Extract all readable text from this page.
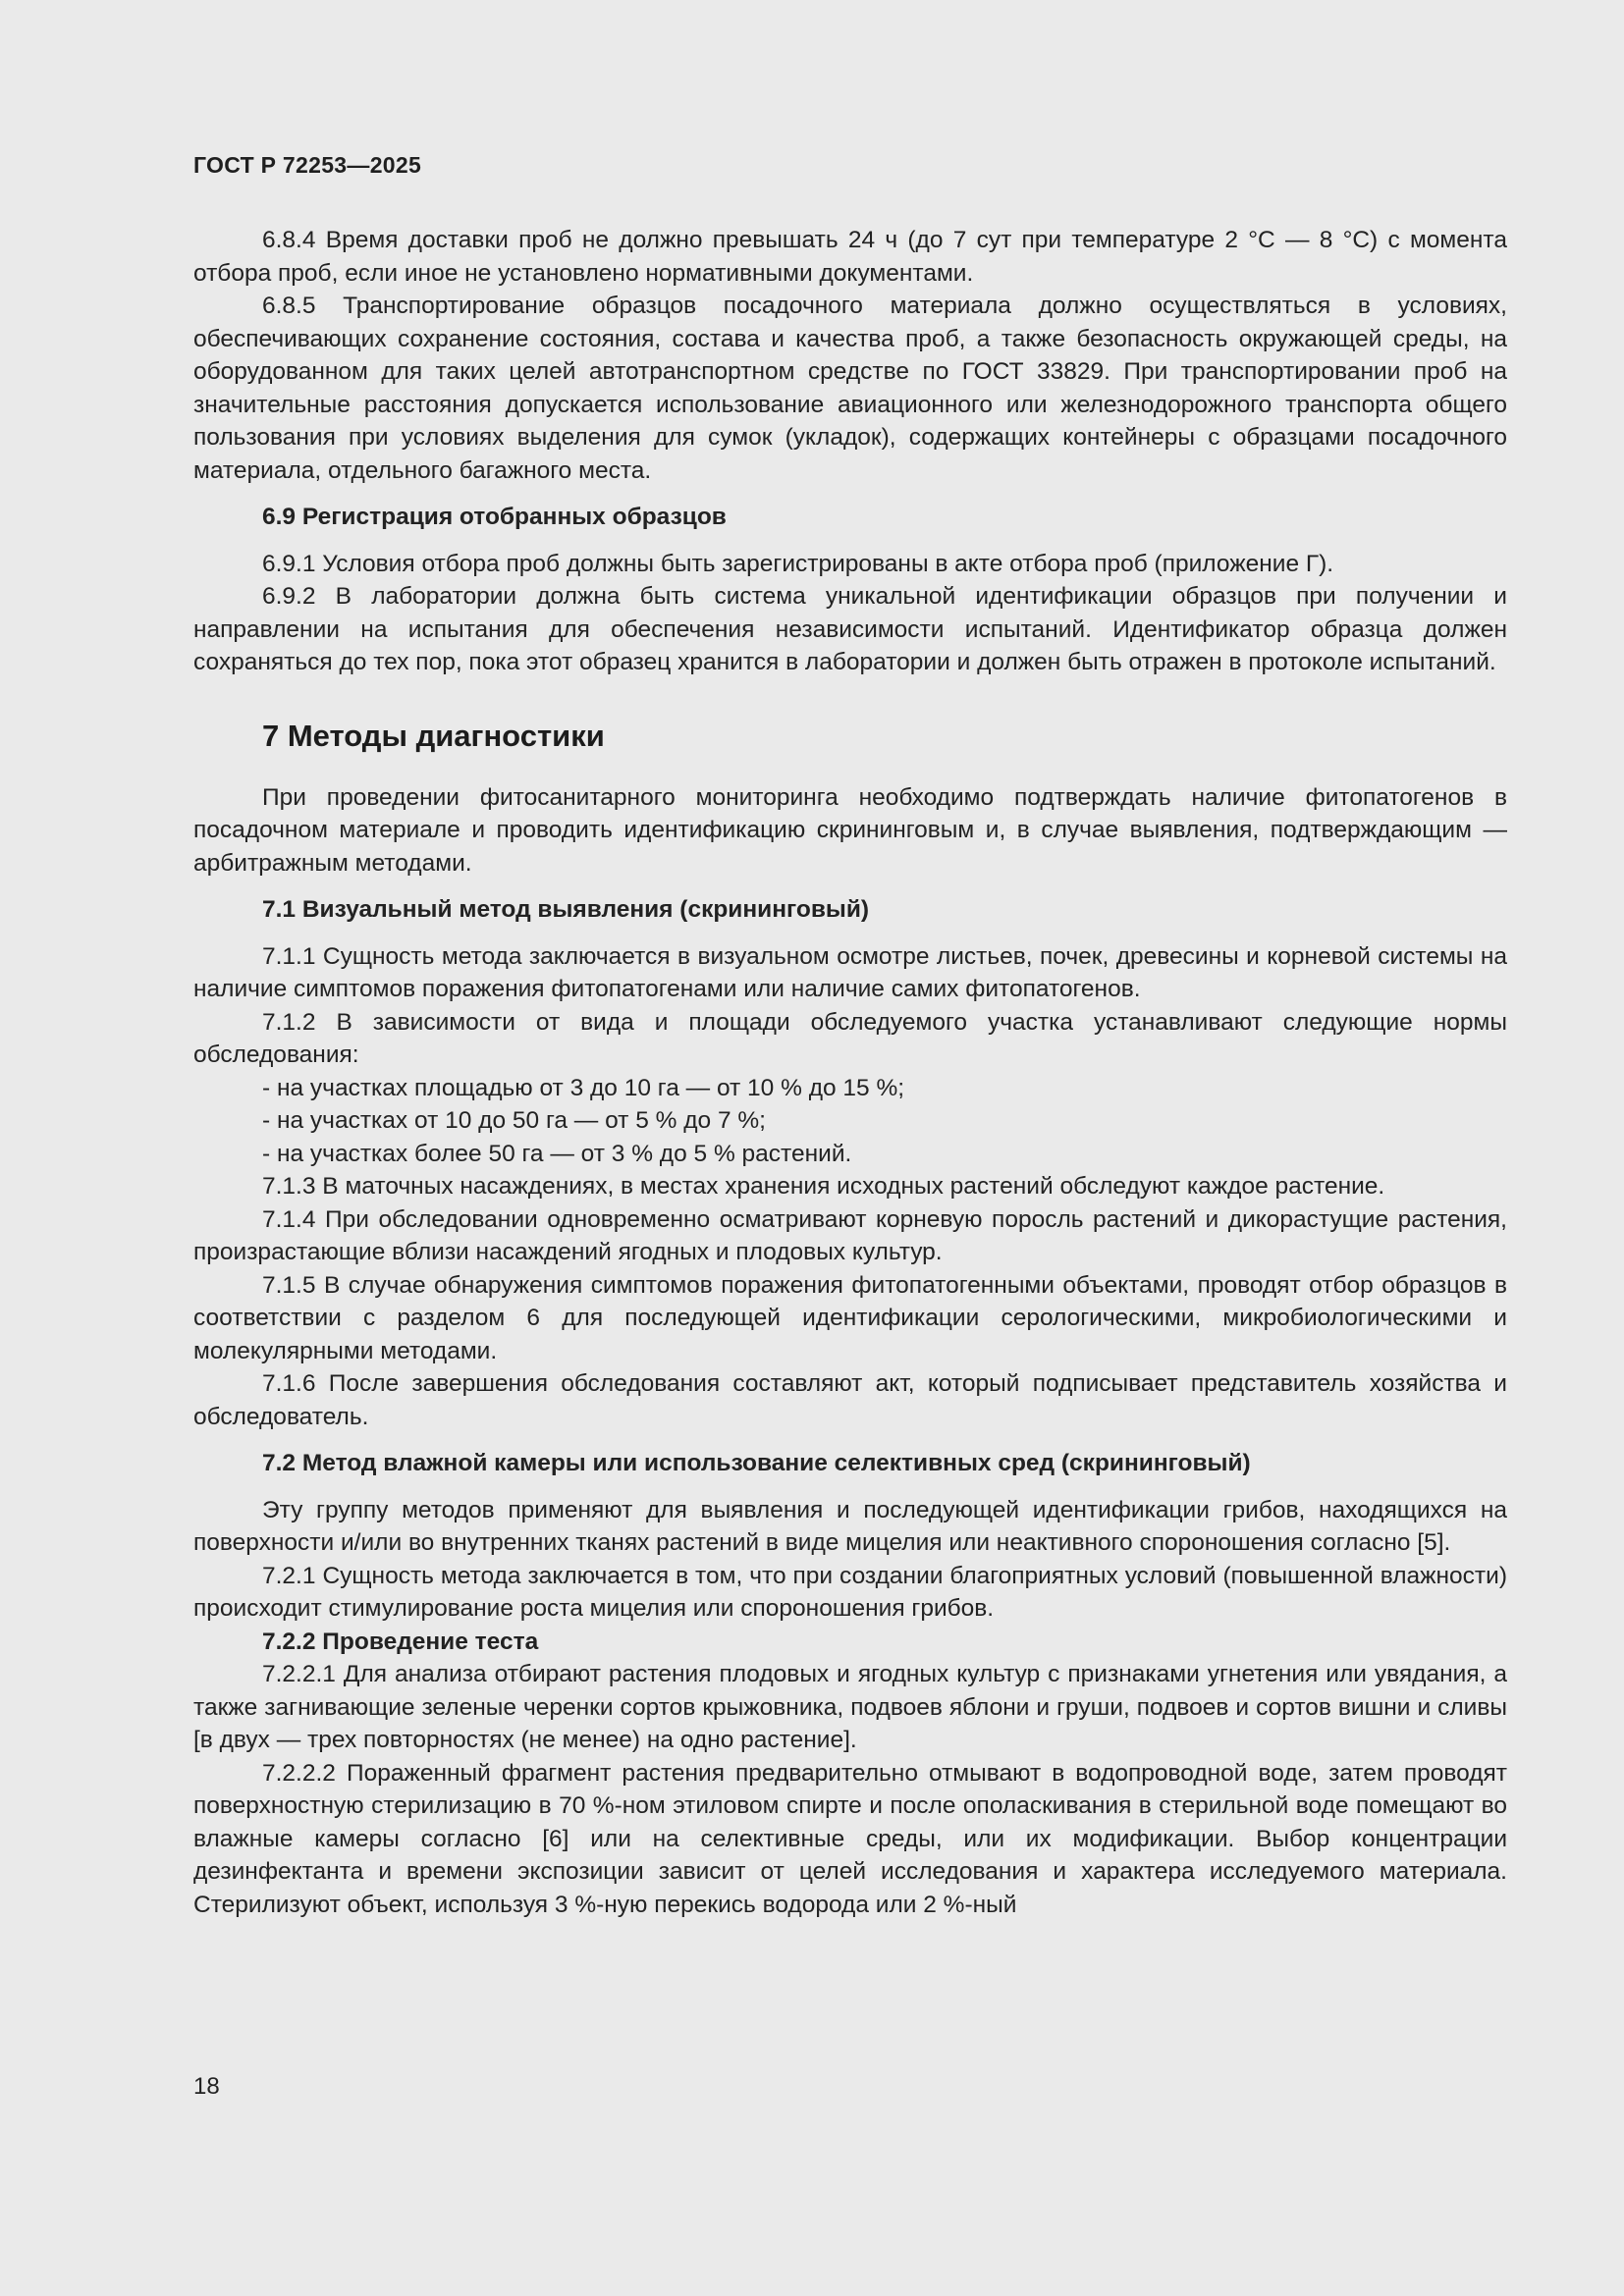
ГОСТ Р 72253—2025

6.8.4 Время доставки проб не должно превышать 24 ч (до 7 сут при температуре 2 °С — 8 °С) с момента отбора проб, если иное не установлено нормативными документами.

6.8.5 Транспортирование образцов посадочного материала должно осуществляться в условиях, обеспечивающих сохранение состояния, состава и качества проб, а также безопасность окружающей среды, на оборудованном для таких целей автотранспортном средстве по ГОСТ 33829. При транспортировании проб на значительные расстояния допускается использование авиационного или железнодорожного транспорта общего пользования при условиях выделения для сумок (укладок), содержащих контейнеры с образцами посадочного материала, отдельного багажного места.

6.9 Регистрация отобранных образцов

6.9.1 Условия отбора проб должны быть зарегистрированы в акте отбора проб (приложение Г).

6.9.2 В лаборатории должна быть система уникальной идентификации образцов при получении и направлении на испытания для обеспечения независимости испытаний. Идентификатор образца должен сохраняться до тех пор, пока этот образец хранится в лаборатории и должен быть отражен в протоколе испытаний.

7 Методы диагностики

При проведении фитосанитарного мониторинга необходимо подтверждать наличие фитопатогенов в посадочном материале и проводить идентификацию скрининговым и, в случае выявления, подтверждающим — арбитражным методами.

7.1 Визуальный метод выявления (скрининговый)

7.1.1 Сущность метода заключается в визуальном осмотре листьев, почек, древесины и корневой системы на наличие симптомов поражения фитопатогенами или наличие самих фитопатогенов.

7.1.2 В зависимости от вида и площади обследуемого участка устанавливают следующие нормы обследования:

- на участках площадью от 3 до 10 га — от 10 % до 15 %;
- на участках от 10 до 50 га — от 5 % до 7 %;
- на участках более 50 га — от 3 % до 5 % растений.

7.1.3 В маточных насаждениях, в местах хранения исходных растений обследуют каждое растение.

7.1.4 При обследовании одновременно осматривают корневую поросль растений и дикорастущие растения, произрастающие вблизи насаждений ягодных и плодовых культур.

7.1.5 В случае обнаружения симптомов поражения фитопатогенными объектами, проводят отбор образцов в соответствии с разделом 6 для последующей идентификации серологическими, микробиологическими и молекулярными методами.

7.1.6 После завершения обследования составляют акт, который подписывает представитель хозяйства и обследователь.

7.2 Метод влажной камеры или использование селективных сред (скрининговый)

Эту группу методов применяют для выявления и последующей идентификации грибов, находящихся на поверхности и/или во внутренних тканях растений в виде мицелия или неактивного спороношения согласно [5].

7.2.1 Сущность метода заключается в том, что при создании благоприятных условий (повышенной влажности) происходит стимулирование роста мицелия или спороношения грибов.

7.2.2 Проведение теста

7.2.2.1 Для анализа отбирают растения плодовых и ягодных культур с признаками угнетения или увядания, а также загнивающие зеленые черенки сортов крыжовника, подвоев яблони и груши, подвоев и сортов вишни и сливы [в двух — трех повторностях (не менее) на одно растение].

7.2.2.2 Пораженный фрагмент растения предварительно отмывают в водопроводной воде, затем проводят поверхностную стерилизацию в 70 %-ном этиловом спирте и после ополаскивания в стерильной воде помещают во влажные камеры согласно [6] или на селективные среды, или их модификации. Выбор концентрации дезинфектанта и времени экспозиции зависит от целей исследования и характера исследуемого материала. Стерилизуют объект, используя 3 %-ную перекись водорода или 2 %-ный

18
